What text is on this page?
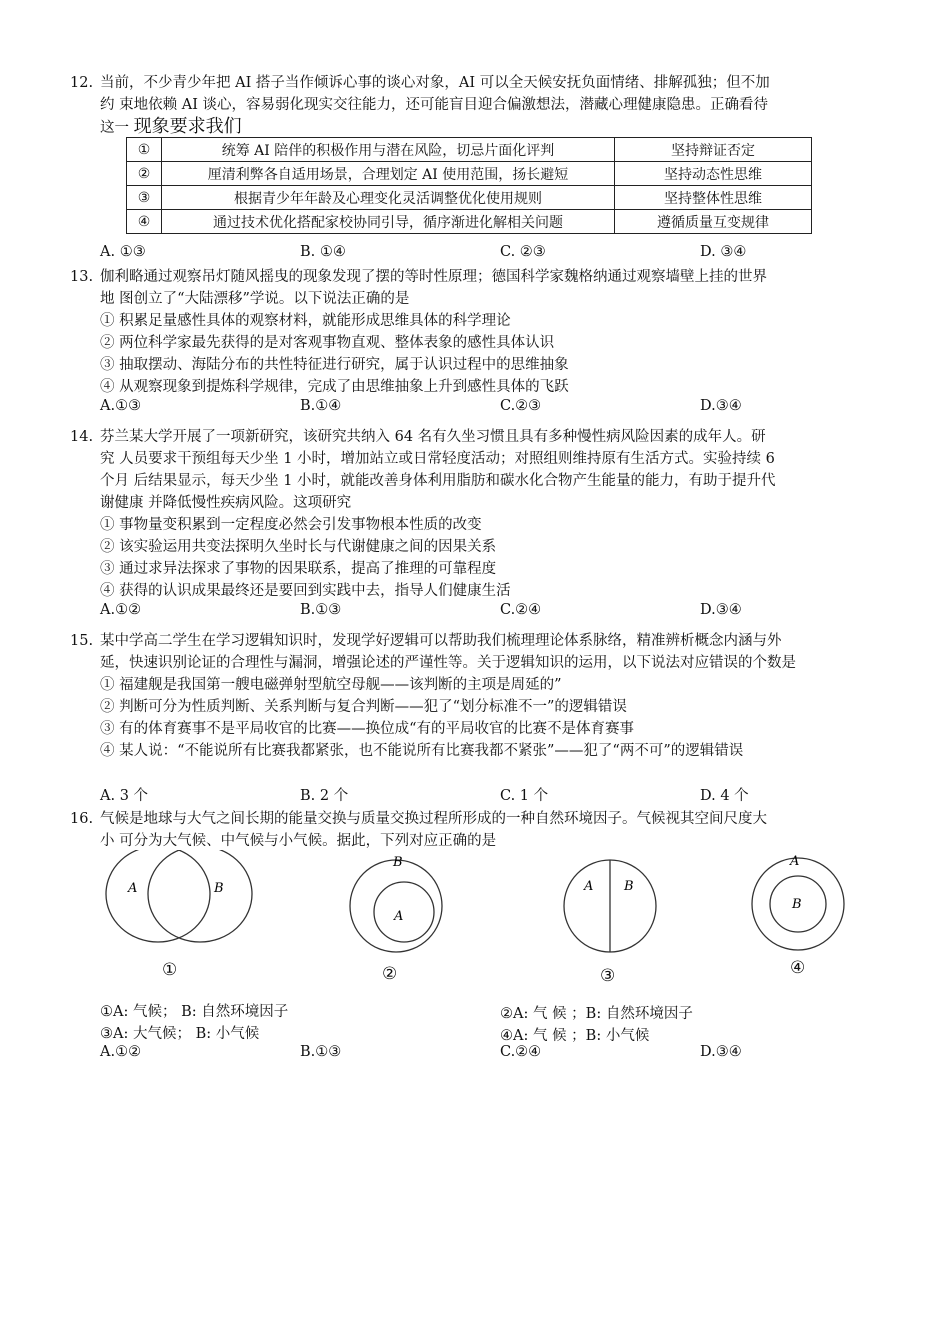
12. 当前，不少青少年把 AI 搭子当作倾诉心事的谈心对象，AI 可以全天候安抚负面情绪、排解孤独；但不加
约 束地依赖 AI 谈心，容易弱化现实交往能力，还可能盲目迎合偏激想法，潜藏心理健康隐患。正确看待
这一 现象要求我们
①	统筹 AI 陪伴的积极作用与潜在风险，切忌片面化评判	坚持辩证否定
②	厘清利弊各自适用场景，合理划定 AI 使用范围，扬长避短	坚持动态性思维
③	根据青少年年龄及心理变化灵活调整优化使用规则	坚持整体性思维
④	通过技术优化搭配家校协同引导，循序渐进化解相关问题	遵循质量互变规律
A. ①③	B. ①④	C. ②③	D. ③④
13. 伽利略通过观察吊灯随风摇曳的现象发现了摆的等时性原理；德国科学家魏格纳通过观察墙壁上挂的世界
地 图创立了“大陆漂移”学说。以下说法正确的是
① 积累足量感性具体的观察材料，就能形成思维具体的科学理论
② 两位科学家最先获得的是对客观事物直观、整体表象的感性具体认识
③ 抽取摆动、海陆分布的共性特征进行研究，属于认识过程中的思维抽象
④ 从观察现象到提炼科学规律，完成了由思维抽象上升到感性具体的飞跃
A.①③	B.①④	C.②③	D.③④
14. 芬兰某大学开展了一项新研究，该研究共纳入 64 名有久坐习惯且具有多种慢性病风险因素的成年人。研
究 人员要求干预组每天少坐 1 小时，增加站立或日常轻度活动；对照组则维持原有生活方式。实验持续 6
个月 后结果显示，每天少坐 1 小时，就能改善身体利用脂肪和碳水化合物产生能量的能力，有助于提升代
谢健康 并降低慢性疾病风险。这项研究
① 事物量变积累到一定程度必然会引发事物根本性质的改变
② 该实验运用共变法探明久坐时长与代谢健康之间的因果关系
③ 通过求异法探求了事物的因果联系，提高了推理的可靠程度
④ 获得的认识成果最终还是要回到实践中去，指导人们健康生活
A.①②	B.①③	C.②④	D.③④
15. 某中学高二学生在学习逻辑知识时，发现学好逻辑可以帮助我们梳理理论体系脉络，精准辨析概念内涵与外
延，快速识别论证的合理性与漏洞，增强论述的严谨性等。关于逻辑知识的运用，以下说法对应错误的个数是
① 福建舰是我国第一艘电磁弹射型航空母舰——该判断的主项是周延的”
② 判断可分为性质判断、关系判断与复合判断——犯了“划分标准不一”的逻辑错误
③ 有的体育赛事不是平局收官的比赛——换位成“有的平局收官的比赛不是体育赛事
④ 某人说：“不能说所有比赛我都紧张，也不能说所有比赛我都不紧张”——犯了“两不可”的逻辑错误
A. 3 个	B. 2 个	C. 1 个	D. 4 个
16. 气候是地球与大气之间长期的能量交换与质量交换过程所形成的一种自然环境因子。气候视其空间尺度大
小 可分为大气候、中气候与小气候。据此，下列对应正确的是
A	B
①
B
A
②
A B
③
A
B
④
①A: 气候； B: 自然环境因子	②A: 气 候 ；B: 自然环境因子
③A: 大气候； B: 小气候	④A: 气 候 ；B: 小气候
A.①②	B.①③	C.②④	D.③④
